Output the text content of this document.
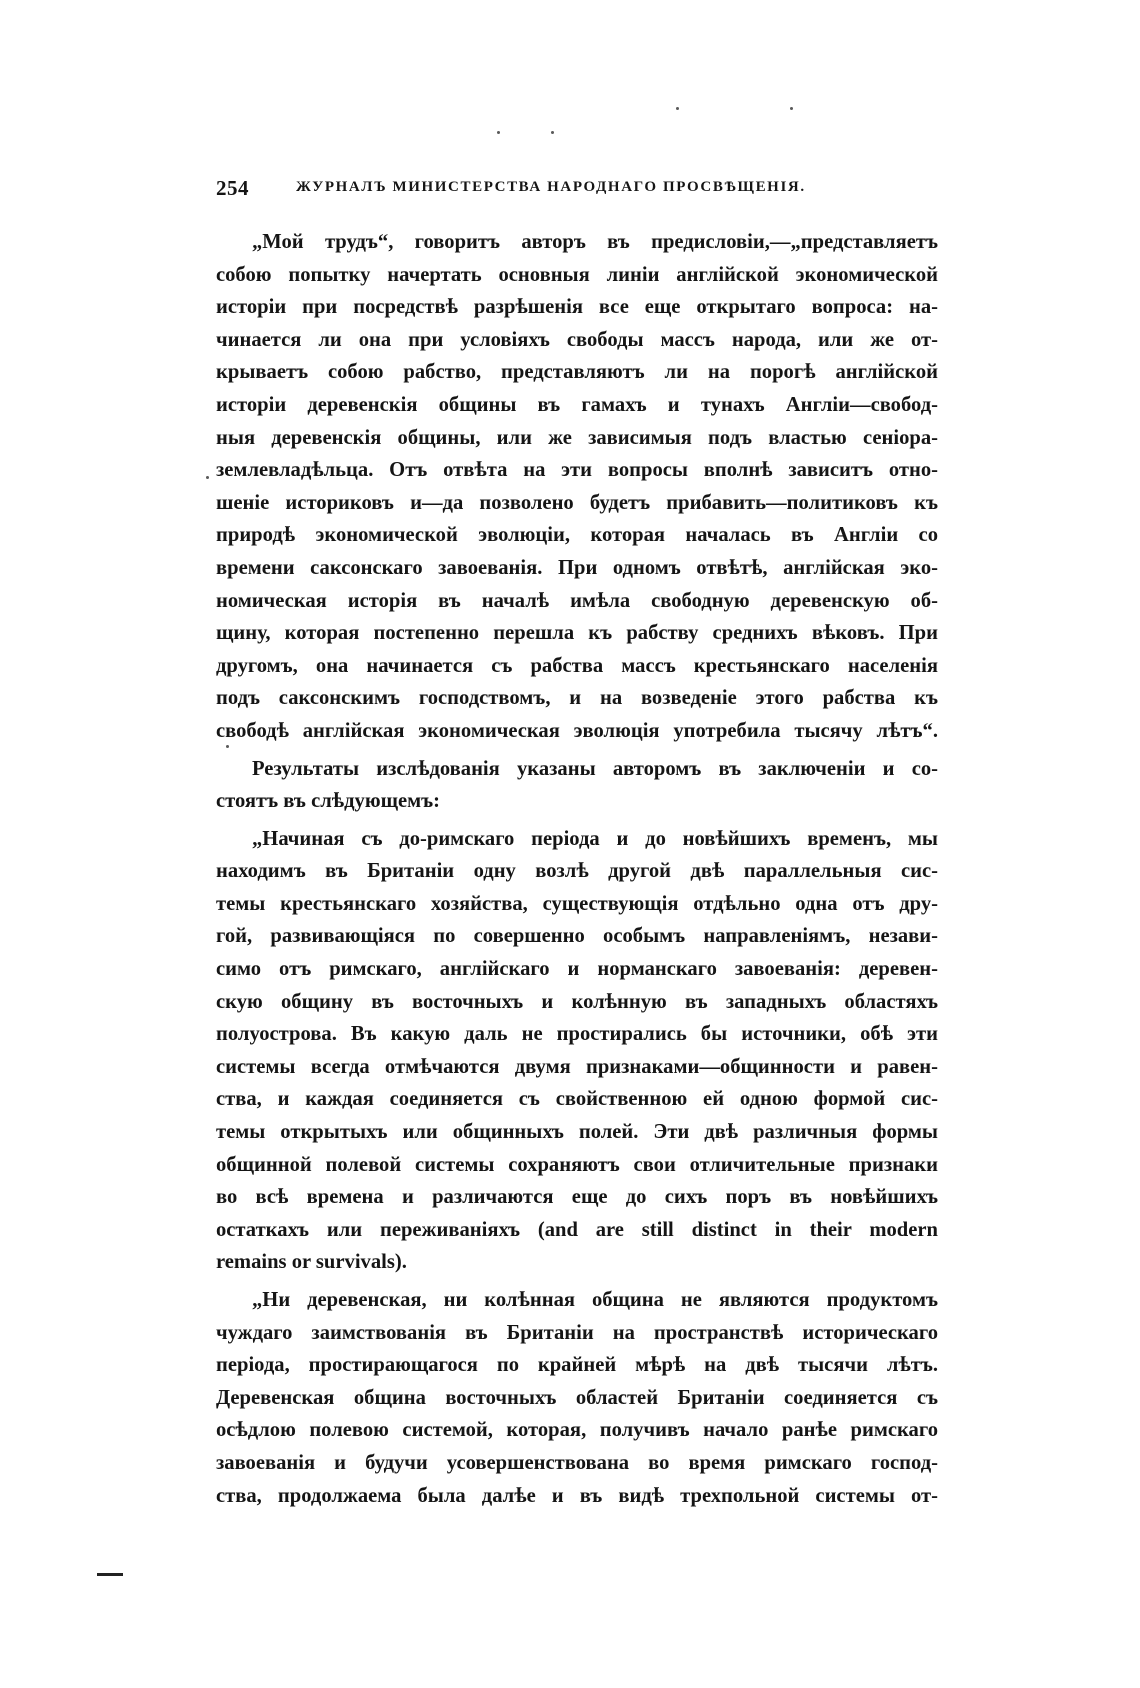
254	ЖУРНАЛЪ МИНИСТЕРСТВА НАРОДНАГО ПРОСВѢЩЕНІЯ.

„Мой трудъ“, говоритъ авторъ въ предисловіи,—„представляетъ
собою попытку начертать основныя линіи англійской экономической
исторіи при посредствѣ разрѣшенія все еще открытаго вопроса: на-
чинается ли она при условіяхъ свободы массъ народа, или же от-
крываетъ собою рабство, представляютъ ли на порогѣ англійской
исторіи деревенскія общины въ гамахъ и тунахъ Англіи—свобод-
ныя деревенскія общины, или же зависимыя подъ властью сеніора-
землевладѣльца. Отъ отвѣта на эти вопросы вполнѣ зависитъ отно-
шеніе историковъ и—да позволено будетъ прибавить—политиковъ къ
природѣ экономической эволюціи, которая началась въ Англіи со
времени саксонскаго завоеванія. При одномъ отвѣтѣ, англійская эко-
номическая исторія въ началѣ имѣла свободную деревенскую об-
щину, которая постепенно перешла къ рабству среднихъ вѣковъ. При
другомъ, она начинается съ рабства массъ крестьянскаго населенія
подъ саксонскимъ господствомъ, и на возведеніе этого рабства къ
свободѣ англійская экономическая эволюція употребила тысячу лѣтъ“.

Результаты изслѣдованія указаны авторомъ въ заключеніи и со-
стоятъ въ слѣдующемъ:

„Начиная съ до-римскаго періода и до новѣйшихъ временъ, мы
находимъ въ Британіи одну возлѣ другой двѣ параллельныя сис-
темы крестьянскаго хозяйства, существующія отдѣльно одна отъ дру-
гой, развивающіяся по совершенно особымъ направленіямъ, незави-
симо отъ римскаго, англійскаго и норманскаго завоеванія: деревен-
скую общину въ восточныхъ и колѣнную въ западныхъ областяхъ
полуострова. Въ какую даль не простирались бы источники, обѣ эти
системы всегда отмѣчаются двумя признаками—общинности и равен-
ства, и каждая соединяется съ свойственною ей одною формой сис-
темы открытыхъ или общинныхъ полей. Эти двѣ различныя формы
общинной полевой системы сохраняютъ свои отличительные признаки
во всѣ времена и различаются еще до сихъ поръ въ новѣйшихъ
остаткахъ или переживаніяхъ (and are still distinct in their modern
remains or survivals).

„Ни деревенская, ни колѣнная община не являются продуктомъ
чуждаго заимствованія въ Британіи на пространствѣ историческаго
періода, простирающагося по крайней мѣрѣ на двѣ тысячи лѣтъ.
Деревенская община восточныхъ областей Британіи соединяется съ
осѣдлою полевою системой, которая, получивъ начало ранѣе римскаго
завоеванія и будучи усовершенствована во время римскаго господ-
ства, продолжаема была далѣе и въ видѣ трехпольной системы от-
